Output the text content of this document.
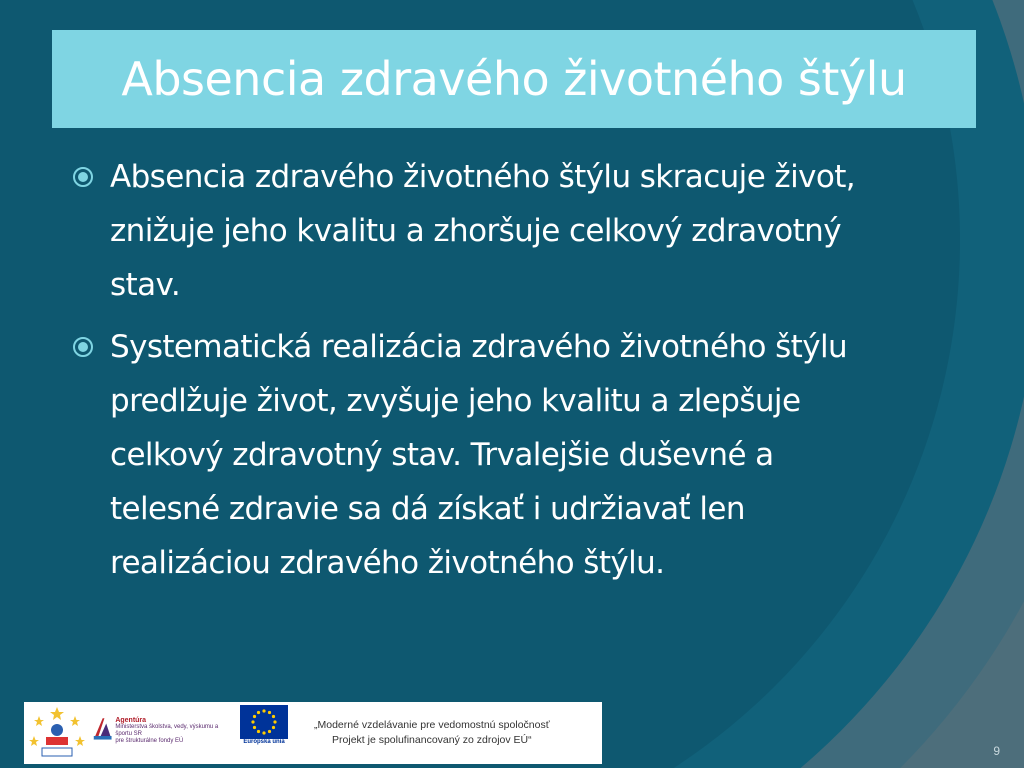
Absencia zdravého životného štýlu
Absencia zdravého životného štýlu skracuje život, znižuje jeho kvalitu a zhoršuje celkový zdravotný stav.
Systematická realizácia zdravého životného štýlu predlžuje život, zvyšuje jeho kvalitu a zlepšuje celkový zdravotný stav. Trvalejšie duševné a telesné zdravie sa dá získať i udržiavať len realizáciou zdravého životného štýlu.
Agentúra
Ministerstva školstva, vedy, výskumu a športu SR
pre štrukturálne fondy EÚ	Európska únia
„Moderné vzdelávanie pre vedomostnú spoločnosť
Projekt je spolufinancovaný zo zdrojov EÚ“
9
